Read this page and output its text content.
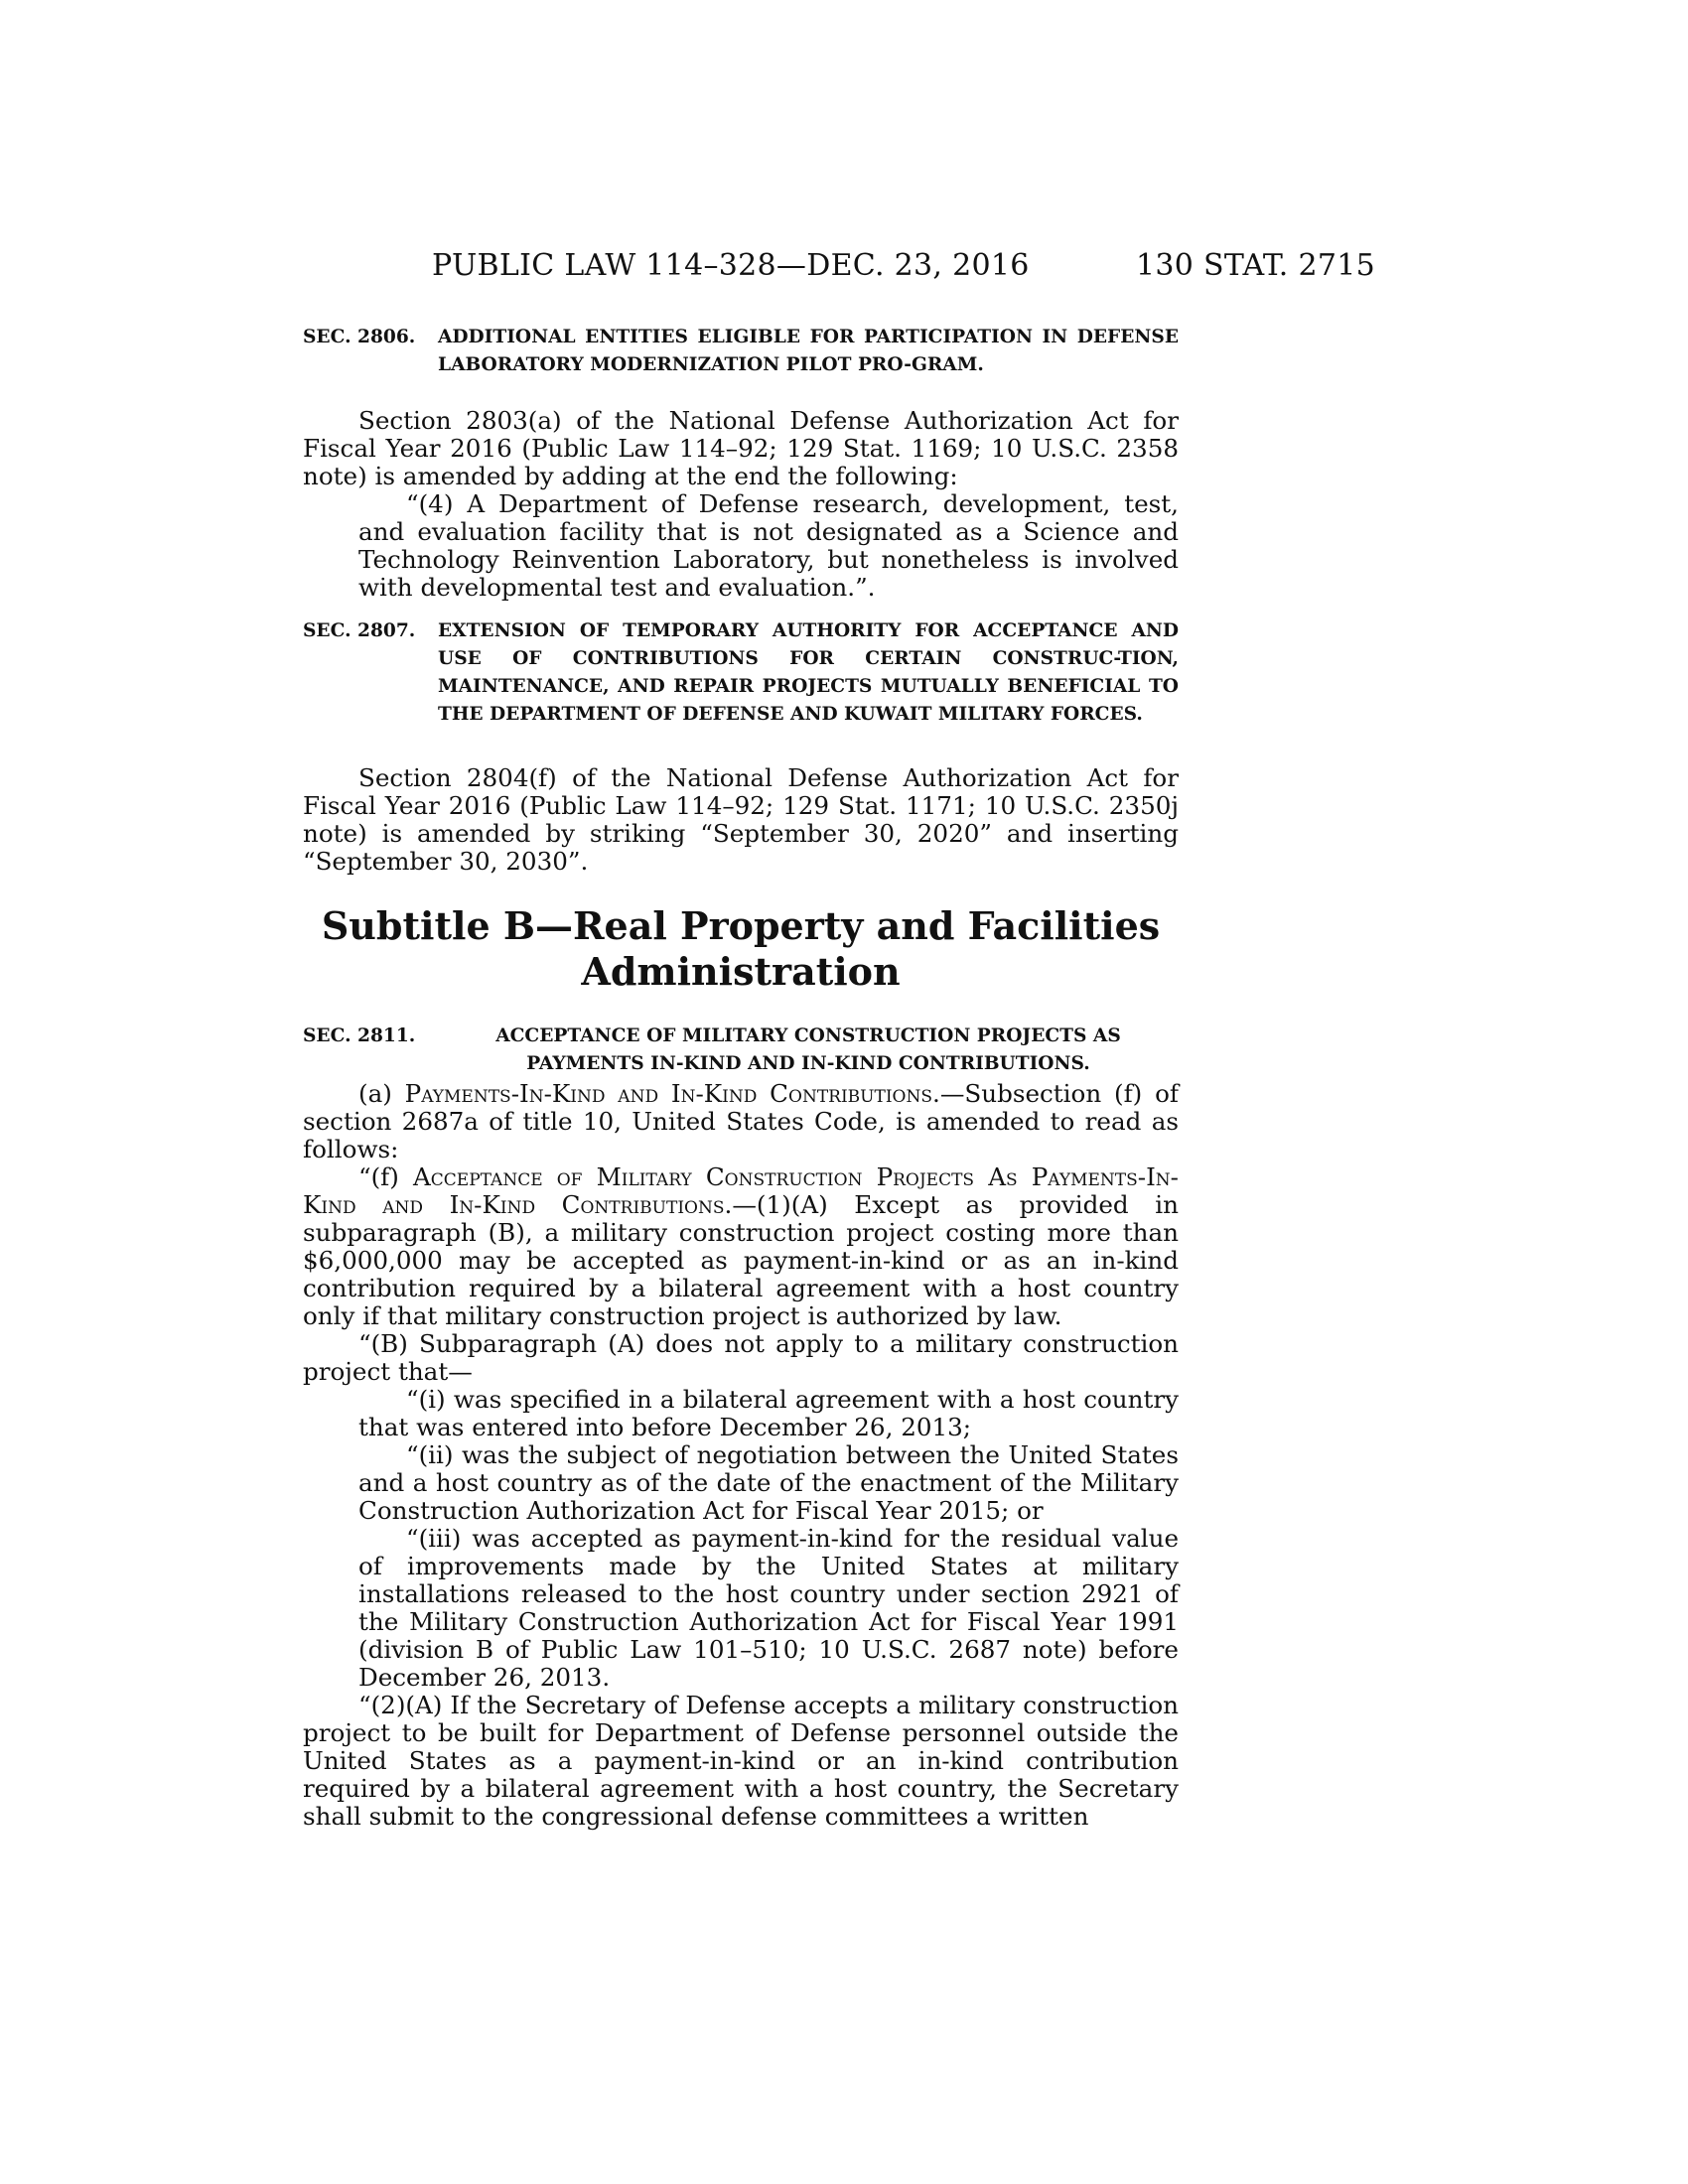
PUBLIC LAW 114–328—DEC. 23, 2016	130 STAT. 2715
SEC. 2806. ADDITIONAL ENTITIES ELIGIBLE FOR PARTICIPATION IN DEFENSE LABORATORY MODERNIZATION PILOT PRO-GRAM.

Section 2803(a) of the National Defense Authorization Act for Fiscal Year 2016 (Public Law 114–92; 129 Stat. 1169; 10 U.S.C. 2358 note) is amended by adding at the end the following:

“(4) A Department of Defense research, development, test, and evaluation facility that is not designated as a Science and Technology Reinvention Laboratory, but nonetheless is involved with developmental test and evaluation.”.

SEC. 2807. EXTENSION OF TEMPORARY AUTHORITY FOR ACCEPTANCE AND USE OF CONTRIBUTIONS FOR CERTAIN CONSTRUC-TION, MAINTENANCE, AND REPAIR PROJECTS MUTUALLY BENEFICIAL TO THE DEPARTMENT OF DEFENSE AND KUWAIT MILITARY FORCES.

Section 2804(f) of the National Defense Authorization Act for Fiscal Year 2016 (Public Law 114–92; 129 Stat. 1171; 10 U.S.C. 2350j note) is amended by striking “September 30, 2020” and inserting “September 30, 2030”.

Subtitle B—Real Property and Facilities
Administration
SEC. 2811.	ACCEPTANCE OF MILITARY CONSTRUCTION PROJECTS AS PAYMENTS IN-KIND AND IN-KIND CONTRIBUTIONS.

(a) Payments-In-Kind and In-Kind Contributions.—Subsection (f) of section 2687a of title 10, United States Code, is amended to read as follows:

“(f) Acceptance of Military Construction Projects As Payments-In-Kind and In-Kind Contributions.—(1)(A) Except as provided in subparagraph (B), a military construction project costing more than $6,000,000 may be accepted as payment-in-kind or as an in-kind contribution required by a bilateral agreement with a host country only if that military construction project is authorized by law.

“(B) Subparagraph (A) does not apply to a military construction project that—

“(i) was specified in a bilateral agreement with a host country that was entered into before December 26, 2013;

“(ii) was the subject of negotiation between the United States and a host country as of the date of the enactment of the Military Construction Authorization Act for Fiscal Year 2015; or

“(iii) was accepted as payment-in-kind for the residual value of improvements made by the United States at military installations released to the host country under section 2921 of the Military Construction Authorization Act for Fiscal Year 1991 (division B of Public Law 101–510; 10 U.S.C. 2687 note) before December 26, 2013.

“(2)(A) If the Secretary of Defense accepts a military construction project to be built for Department of Defense personnel outside the United States as a payment-in-kind or an in-kind contribution required by a bilateral agreement with a host country, the Secretary shall submit to the congressional defense committees a written
